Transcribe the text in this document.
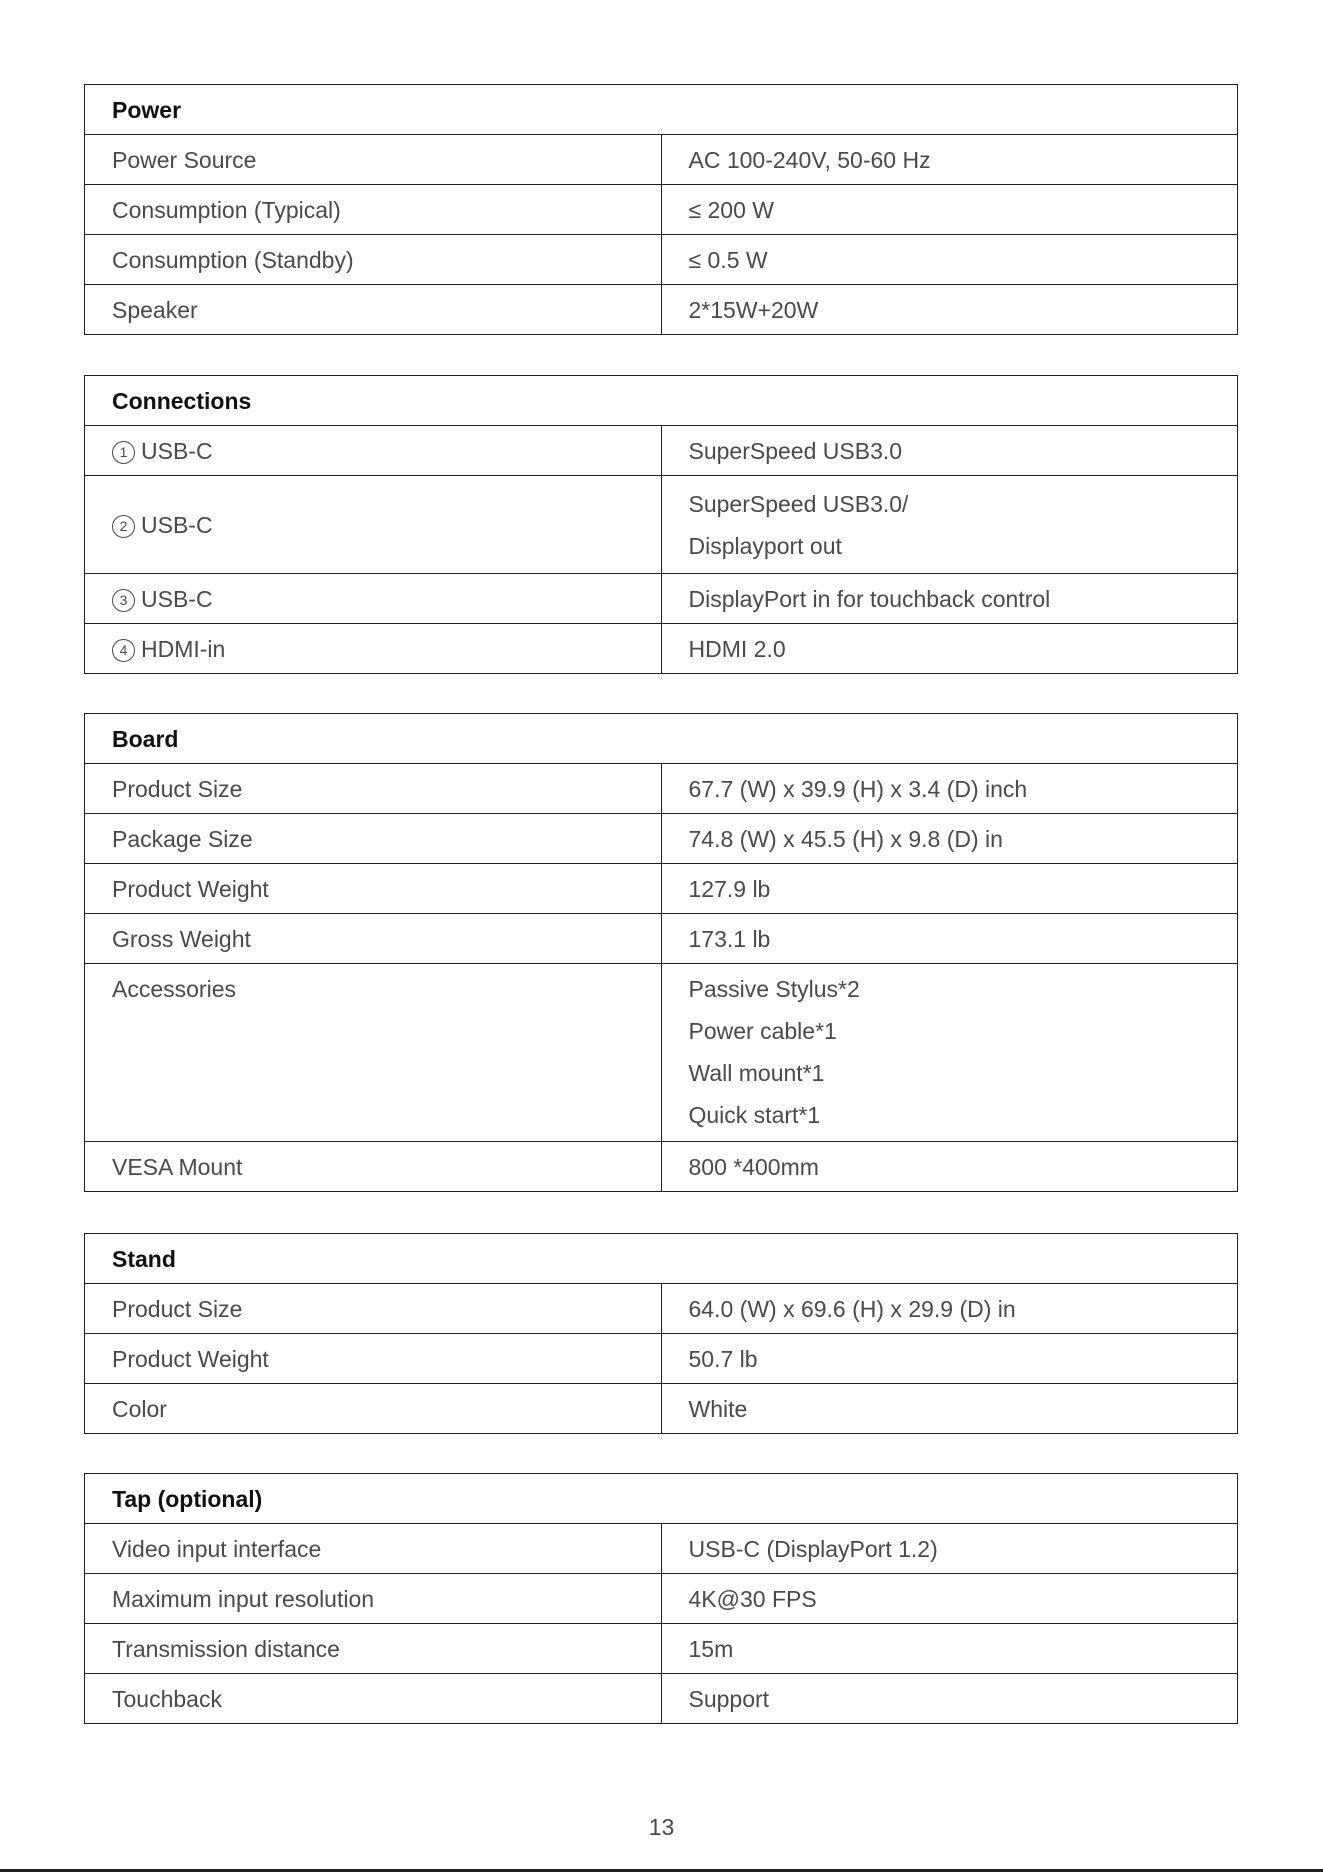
Power	
Power Source	AC 100-240V, 50-60 Hz
Consumption (Typical)	≤ 200 W
Consumption (Standby)	≤ 0.5 W
Speaker	2*15W+20W
Connections	
1 USB-C	SuperSpeed USB3.0
2 USB-C	SuperSpeed USB3.0/
Displayport out

3 USB-C	DisplayPort in for touchback control
4 HDMI-in	HDMI 2.0
Board	
Product Size	67.7 (W) x 39.9 (H) x 3.4 (D) inch
Package Size	74.8 (W) x 45.5 (H) x 9.8 (D) in
Product Weight	127.9 lb
Gross Weight	173.1 lb
Accessories	Passive Stylus*2
Power cable*1
Wall mount*1
Quick start*1

VESA Mount	800 *400mm
Stand	
Product Size	64.0 (W) x 69.6 (H) x 29.9 (D) in
Product Weight	50.7 lb
Color	White
Tap (optional)	
Video input interface	USB-C (DisplayPort 1.2)
Maximum input resolution	4K@30 FPS
Transmission distance	15m
Touchback	Support
13
